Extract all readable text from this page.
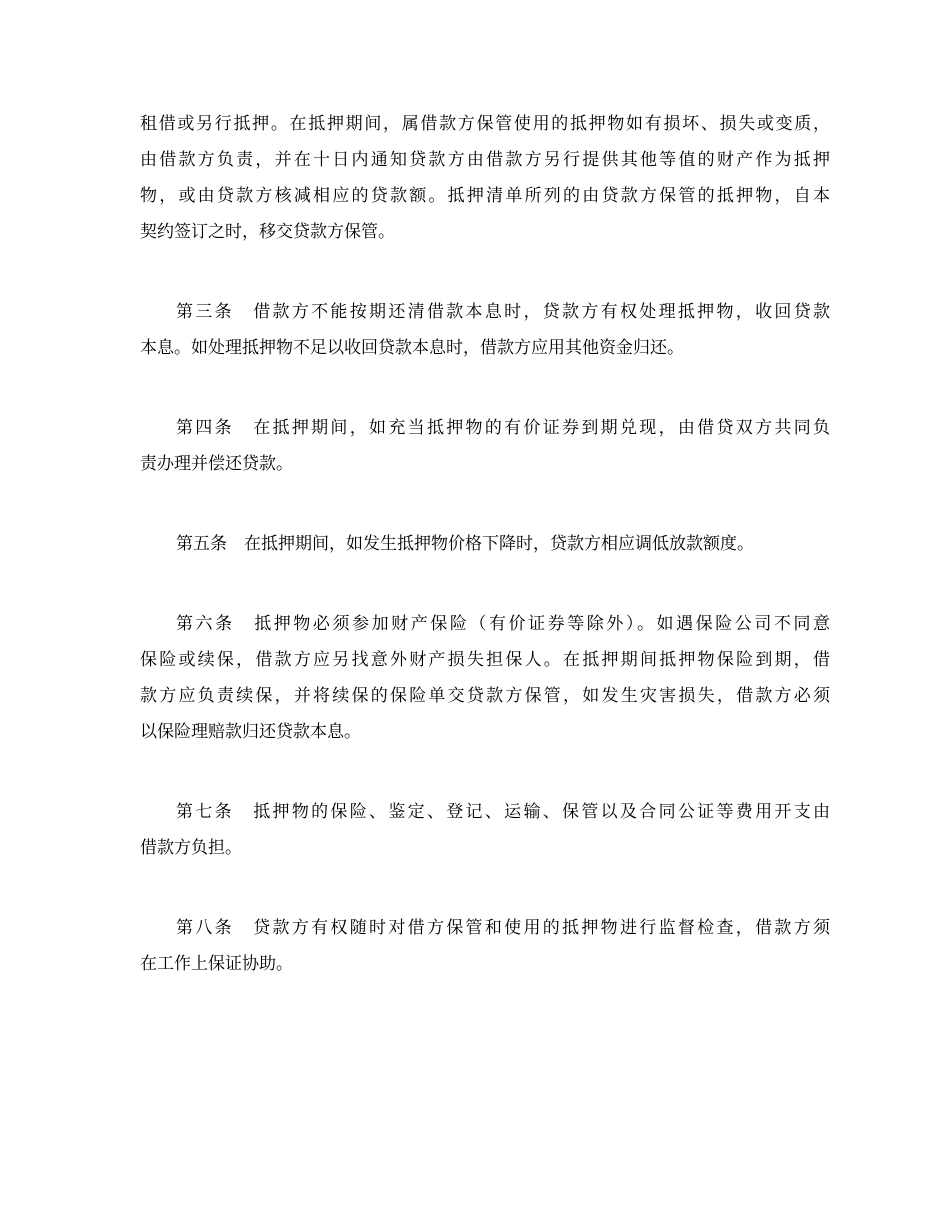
租借或另行抵押。在抵押期间，属借款方保管使用的抵押物如有损坏、损失或变质，
由借款方负责，并在十日内通知贷款方由借款方另行提供其他等值的财产作为抵押
物，或由贷款方核减相应的贷款额。抵押清单所列的由贷款方保管的抵押物，自本
契约签订之时，移交贷款方保管。
第三条　借款方不能按期还清借款本息时，贷款方有权处理抵押物，收回贷款
本息。如处理抵押物不足以收回贷款本息时，借款方应用其他资金归还。
第四条　在抵押期间，如充当抵押物的有价证券到期兑现，由借贷双方共同负
责办理并偿还贷款。
第五条　在抵押期间，如发生抵押物价格下降时，贷款方相应调低放款额度。
第六条　抵押物必须参加财产保险（有价证券等除外）。如遇保险公司不同意
保险或续保，借款方应另找意外财产损失担保人。在抵押期间抵押物保险到期，借
款方应负责续保，并将续保的保险单交贷款方保管，如发生灾害损失，借款方必须
以保险理赔款归还贷款本息。
第七条　抵押物的保险、鉴定、登记、运输、保管以及合同公证等费用开支由
借款方负担。
第八条　贷款方有权随时对借方保管和使用的抵押物进行监督检查，借款方须
在工作上保证协助。
